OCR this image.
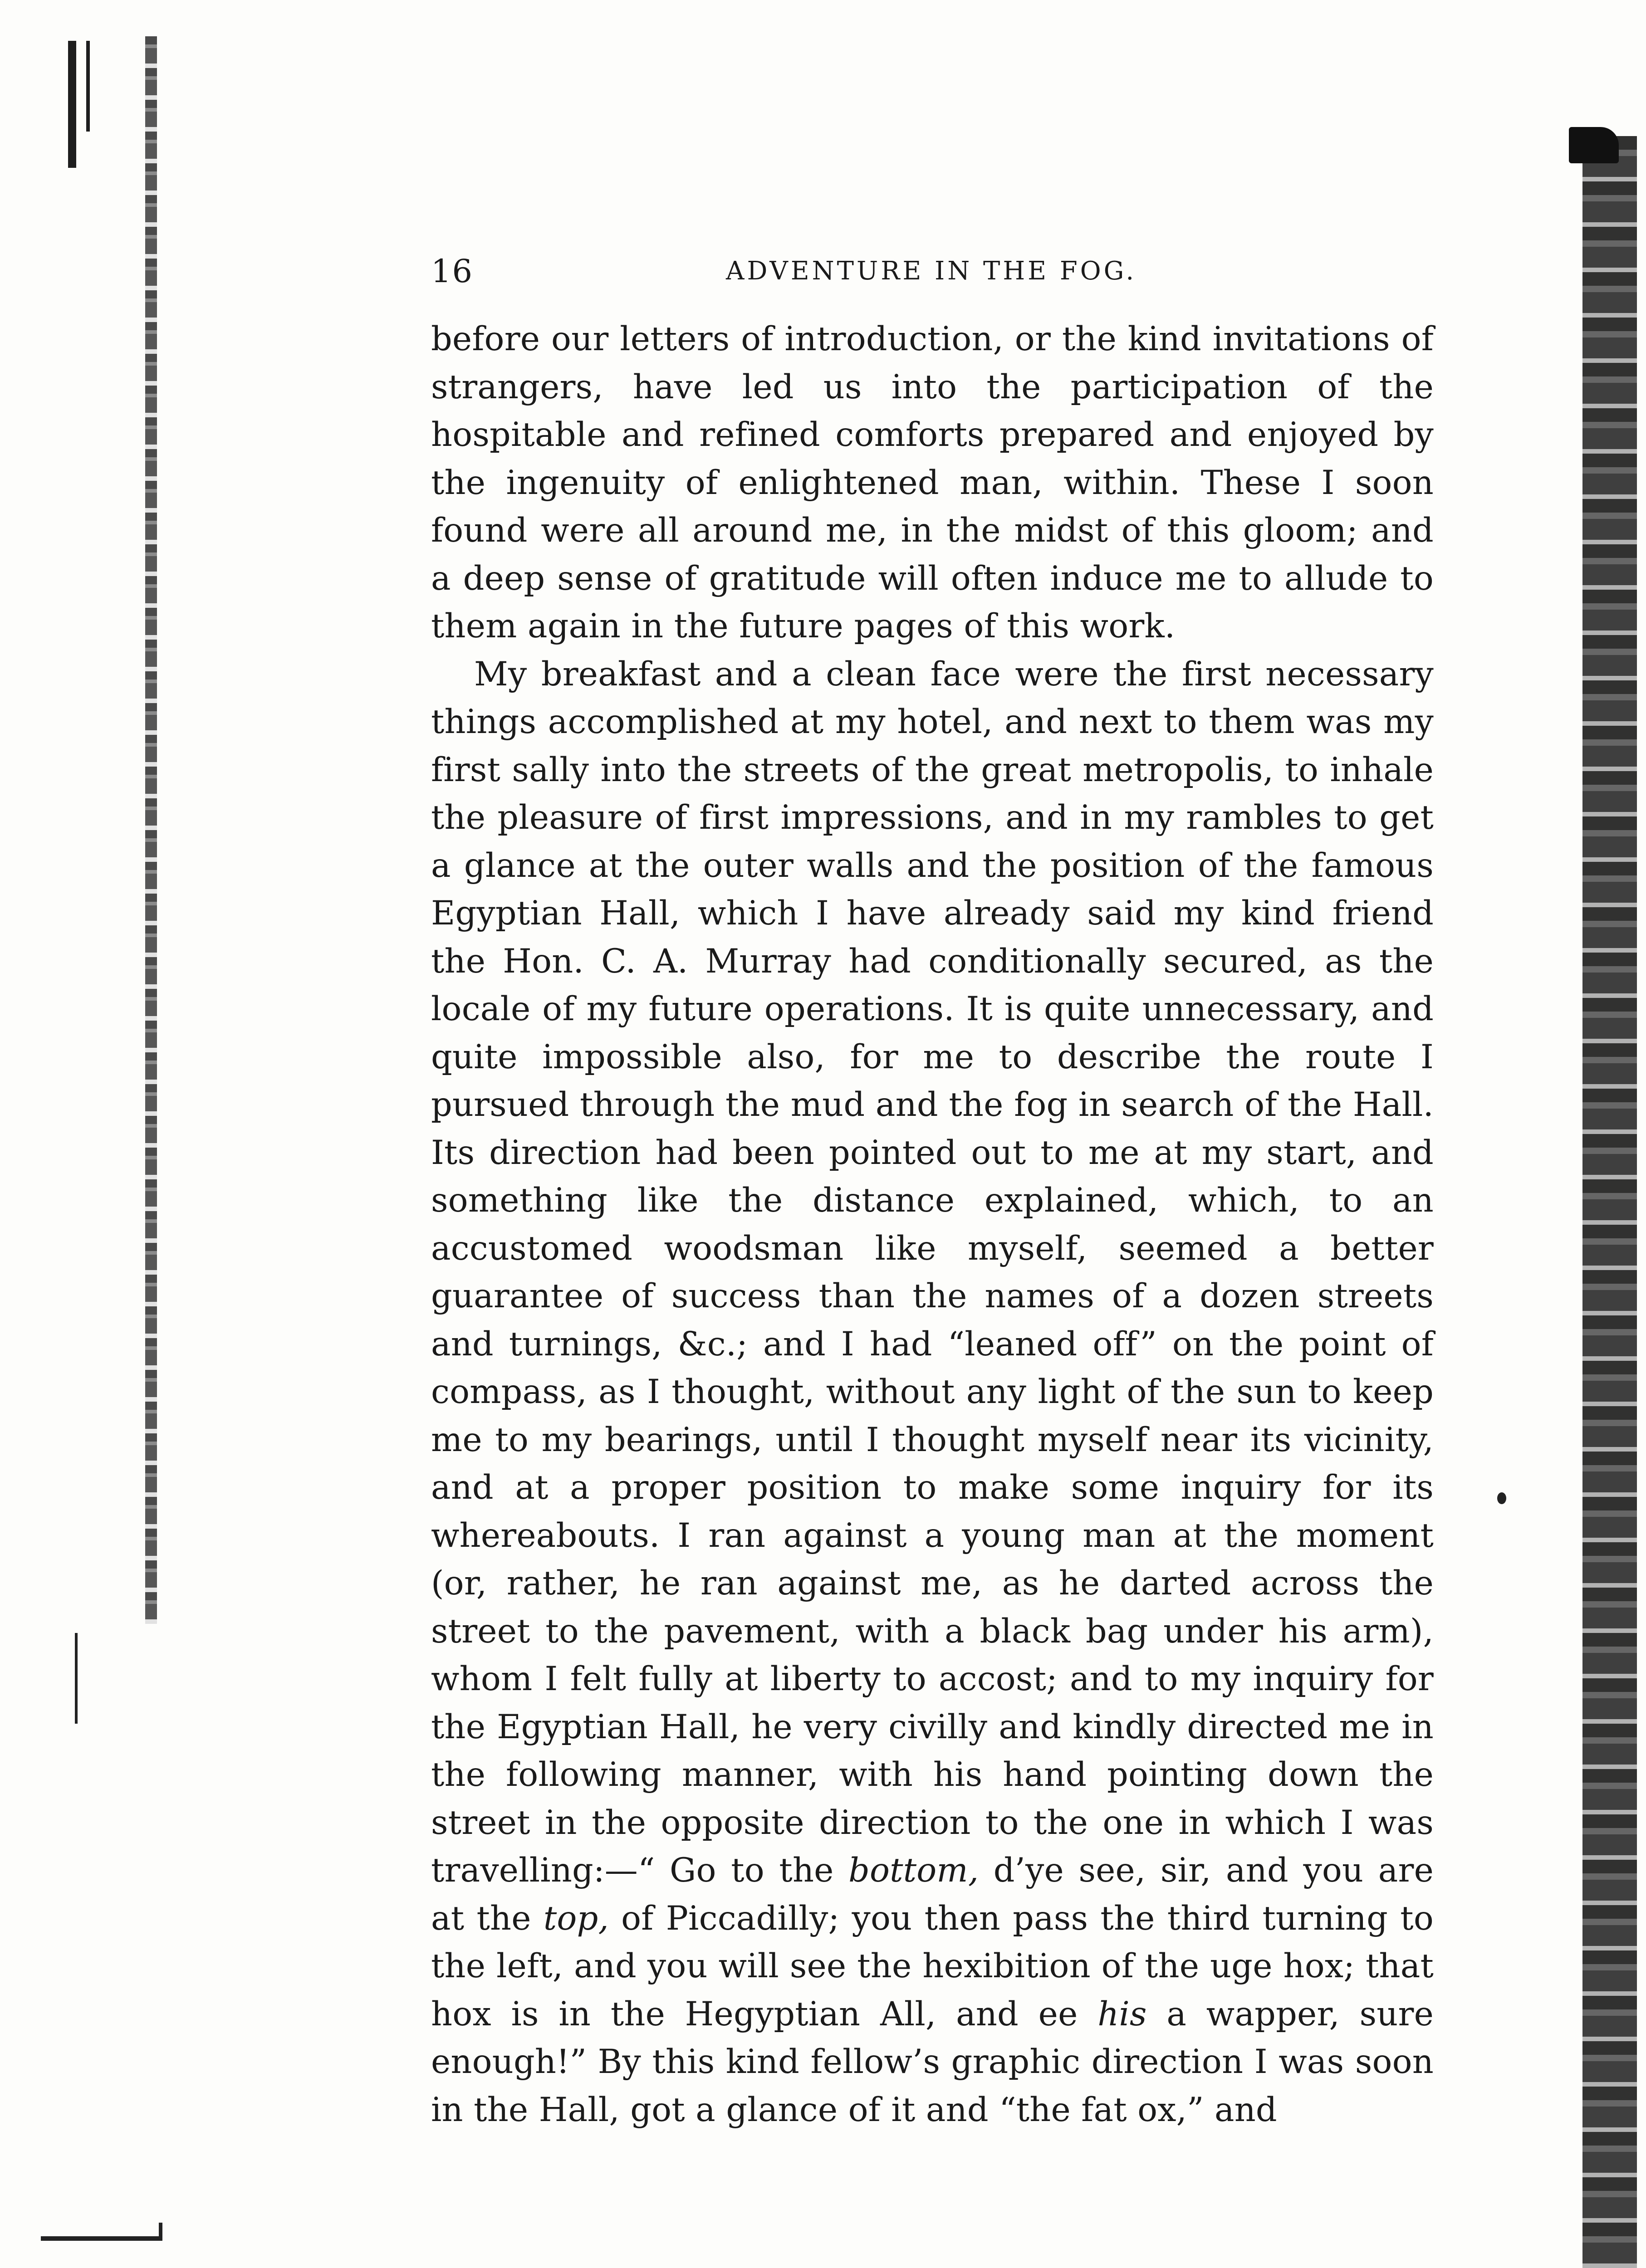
16	ADVENTURE IN THE FOG.

before our letters of introduction, or the kind invitations of strangers, have led us into the participation of the hospitable and refined comforts prepared and enjoyed by the ingenuity of enlightened man, within. These I soon found were all around me, in the midst of this gloom; and a deep sense of gratitude will often induce me to allude to them again in the future pages of this work.

My breakfast and a clean face were the first necessary things accomplished at my hotel, and next to them was my first sally into the streets of the great metropolis, to inhale the pleasure of first impressions, and in my rambles to get a glance at the outer walls and the position of the famous Egyptian Hall, which I have already said my kind friend the Hon. C. A. Murray had conditionally secured, as the locale of my future operations. It is quite unnecessary, and quite impossible also, for me to describe the route I pursued through the mud and the fog in search of the Hall. Its direction had been pointed out to me at my start, and something like the distance explained, which, to an accustomed woodsman like myself, seemed a better guarantee of success than the names of a dozen streets and turnings, &c.; and I had “leaned off” on the point of compass, as I thought, without any light of the sun to keep me to my bearings, until I thought myself near its vicinity, and at a proper position to make some inquiry for its whereabouts. I ran against a young man at the moment (or, rather, he ran against me, as he darted across the street to the pavement, with a black bag under his arm), whom I felt fully at liberty to accost; and to my inquiry for the Egyptian Hall, he very civilly and kindly directed me in the following manner, with his hand pointing down the street in the opposite direction to the one in which I was travelling:—“ Go to the bottom, d’ye see, sir, and you are at the top, of Piccadilly; you then pass the third turning to the left, and you will see the hexibition of the uge hox; that hox is in the Hegyptian All, and ee his a wapper, sure enough!” By this kind fellow’s graphic direction I was soon in the Hall, got a glance of it and “the fat ox,” and
